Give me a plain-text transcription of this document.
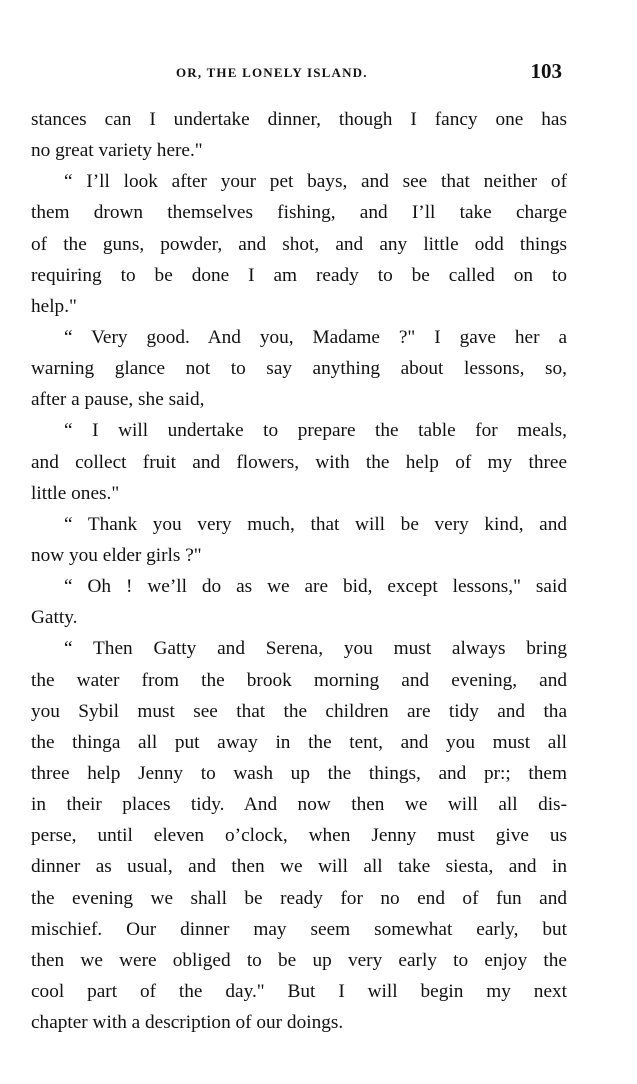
OR, THE LONELY ISLAND.	103
stances can I undertake dinner, though I fancy one has
no great variety here."
“ I’ll look after your pet bays, and see that neither of
them drown themselves fishing, and I’ll take charge
of the guns, powder, and shot, and any little odd things
requiring to be done I am ready to be called on to
help."
“ Very good. And you, Madame ?" I gave her a
warning glance not to say anything about lessons, so,
after a pause, she said,
“ I will undertake to prepare the table for meals,
and collect fruit and flowers, with the help of my three
little ones."
“ Thank you very much, that will be very kind, and
now you elder girls ?"
“ Oh ! we’ll do as we are bid, except lessons," said
Gatty.
“ Then Gatty and Serena, you must always bring
the water from the brook morning and evening, and
you Sybil must see that the children are tidy and tha
the thinga all put away in the tent, and you must all
three help Jenny to wash up the things, and pr:; them
in their places tidy. And now then we will all dis-
perse, until eleven o’clock, when Jenny must give us
dinner as usual, and then we will all take siesta, and in
the evening we shall be ready for no end of fun and
mischief. Our dinner may seem somewhat early, but
then we were obliged to be up very early to enjoy the
cool part of the day." But I will begin my next
chapter with a description of our doings.
